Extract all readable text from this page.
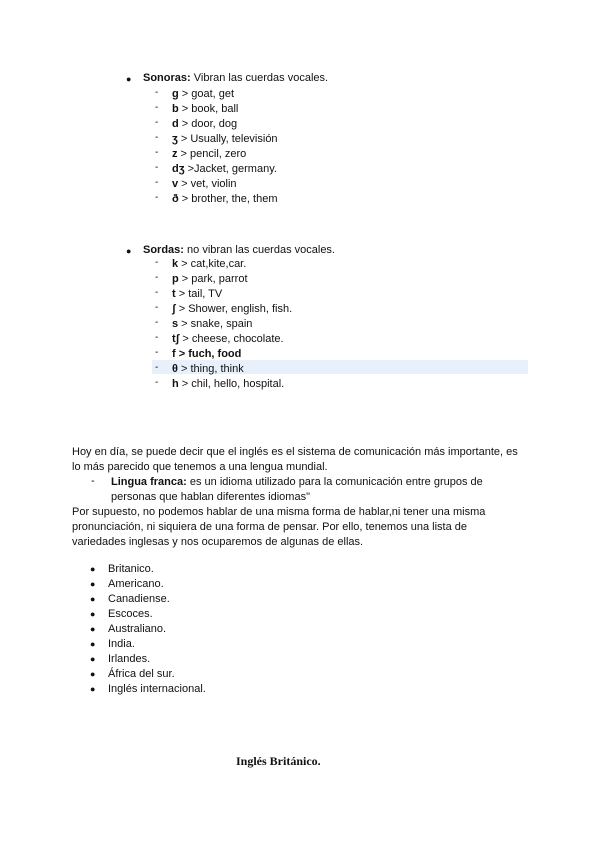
● Sonoras: Vibran las cuerdas vocales.
- g > goat, get
- b > book, ball
- d > door, dog
- ʒ > Usually, televisión
- z > pencil, zero
- dʒ >Jacket, germany.
- v > vet, violin
- ð > brother, the, them
● Sordas: no vibran las cuerdas vocales.
- k > cat,kite,car.
- p > park, parrot
- t > tail, TV
- ʃ > Shower, english, fish.
- s > snake, spain
- tʃ > cheese, chocolate.
- f > fuch, food
- θ > thing, think
- h > chil, hello, hospital.
Hoy en día, se puede decir que el inglés es el sistema de comunicación más importante, es
lo más parecido que tenemos a una lengua mundial.
- Lingua franca: es un idioma utilizado para la comunicación entre grupos de
personas que hablan diferentes idiomas"
Por supuesto, no podemos hablar de una misma forma de hablar,ni tener una misma
pronunciación, ni siquiera de una forma de pensar. Por ello, tenemos una lista de
variedades inglesas y nos ocuparemos de algunas de ellas.
● Britanico.
● Americano.
● Canadiense.
● Escoces.
● Australiano.
● India.
● Irlandes.
● África del sur.
● Inglés internacional.
Inglés Británico.
